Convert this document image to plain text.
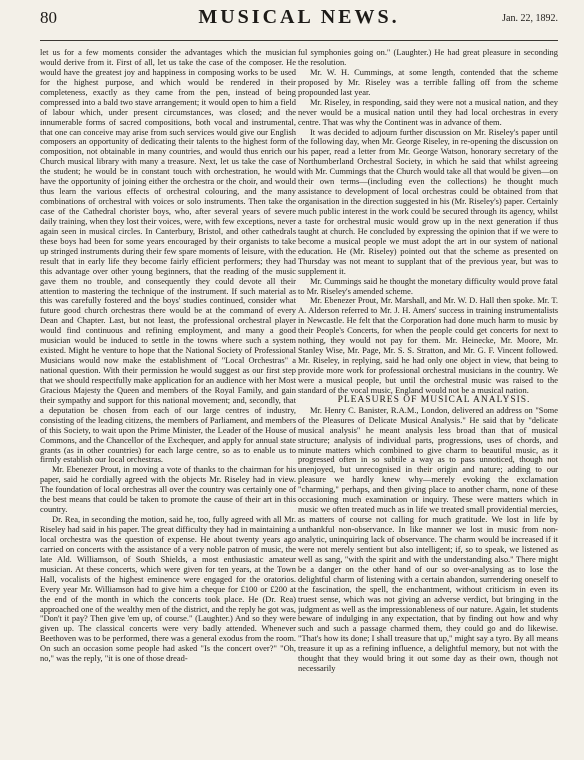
80	MUSICAL NEWS.	Jan. 22, 1892.

let us for a few moments consider the advantages which the musician would derive from it. First of all, let us take the case of the composer. He would have the greatest joy and happiness in composing works to be used for the highest purpose, and which would be rendered in their completeness, exactly as they came from the pen, instead of being compressed into a bald two stave arrangement; it would open to him a field of labour which, under present circumstances, was closed; and the innumerable forms of sacred compositions, both vocal and instrumental, that one can conceive may arise from such services would give our English composers an opportunity of dedicating their talents to the highest form of composition, not obtainable in many countries, and would thus enrich our Church musical library with many a treasure. Next, let us take the case of the student; he would be in constant touch with orchestration, he would have the opportunity of joining either the orchestra or the choir, and would thus learn the various effects of orchestral colouring, and the many combinations of orchestral with voices or solo instruments. Then take the case of the Cathedral chorister boys, who, after several years of severe daily training, when they lost their voices, were, with few exceptions, never again seen in musical circles. In Canterbury, Bristol, and other cathedrals these boys had been for some years encouraged by their organists to take up stringed instruments during their few spare moments of leisure, with the result that in early life they become fairly efficient performers; they had this advantage over other young beginners, that the reading of the music gave them no trouble, and consequently they could devote all their attention to mastering the technique of the instrument. If such material as this was carefully fostered and the boys' studies continued, consider what future good church orchestras there would be at the command of every Dean and Chapter. Last, but not least, the professional orchestral player would find continuous and refining employment, and many a good musician would be induced to settle in the towns where such a system existed. Might he venture to hope that the National Society of Professional Musicians would now make the establishment of "Local Orchestras" a national question. With their permission he would suggest as our first step that we should respectfully make application for an audience with her Most Gracious Majesty the Queen and members of the Royal Family, and gain their sympathy and support for this national movement; and, secondly, that a deputation be chosen from each of our large centres of industry, consisting of the leading citizens, the members of Parliament, and members of this Society, to wait upon the Prime Minister, the Leader of the House of Commons, and the Chancellor of the Exchequer, and apply for annual state grants (as in other countries) for each large centre, so as to enable us to firmly establish our local orchestras.

Mr. Ebenezer Prout, in moving a vote of thanks to the chairman for his paper, said he cordially agreed with the objects Mr. Riseley had in view. The foundation of local orchestras all over the country was certainly one of the best means that could be taken to promote the cause of their art in this country.

Dr. Rea, in seconding the motion, said he, too, fully agreed with all Mr. Riseley had said in his paper. The great difficulty they had in maintaining a local orchestra was the question of expense. He about twenty years ago carried on concerts with the assistance of a very noble patron of music, the late Ald. Williamson, of South Shields, a most enthusiastic amateur musician. At these concerts, which were given for ten years, at the Town Hall, vocalists of the highest eminence were engaged for the oratorios. Every year Mr. Williamson had to give him a cheque for £100 or £200 at the end of the month in which the concerts took place. He (Dr. Rea) approached one of the wealthy men of the district, and the reply he got was, "Don't it pay? Then give 'em up, of course." (Laughter.) And so they were given up. The classical concerts were very badly attended. Whenever Beethoven was to be performed, there was a general exodus from the room. On such an occasion some people had asked "Is the concert over?" "Oh, no," was the reply, "it is one of those dread-

ful symphonies going on." (Laughter.) He had great pleasure in seconding the resolution.

Mr. W. H. Cummings, at some length, contended that the scheme proposed by Mr. Riseley was a terrible falling off from the scheme propounded last year.

Mr. Riseley, in responding, said they were not a musical nation, and they never would be a musical nation until they had local orchestras in every centre. That was why the Continent was in advance of them.

It was decided to adjourn further discussion on Mr. Riseley's paper until the following day, when Mr. George Riseley, in re-opening the discussion on his paper, read a letter from Mr. George Watson, honorary secretary of the Northumberland Orchestral Society, in which he said that whilst agreeing with Mr. Cummings that the Church would take all that would be given—on their own terms—(including even the collections) he thought much assistance to development of local orchestras could be obtained from that organisation in the direction suggested in his (Mr. Riseley's) paper. Certainly much public interest in the work could be secured through its agency, whilst a taste for orchestral music would grow up in the next generation if thus taught at church. He concluded by expressing the opinion that if we were to become a musical people we must adopt the art in our system of national education. He (Mr. Riseley) pointed out that the scheme as presented on Thursday was not meant to supplant that of the previous year, but was to supplement it.

Mr. Cummings said he thought the monetary difficulty would prove fatal to Mr. Riseley's amended scheme.

Mr. Ebenezer Prout, Mr. Marshall, and Mr. W. D. Hall then spoke. Mr. T. A. Alderson referred to Mr. J. H. Amers' success in training instrumentalists in Newcastle. He felt that the Corporation had done much harm to music by their People's Concerts, for when the people could get concerts for next to nothing, they would not pay for them. Mr. Heinecke, Mr. Moore, Mr. Stanley Wise, Mr. Page, Mr. S. S. Stratton, and Mr. G. F. Vincent followed. Mr. Riseley, in replying, said he had only one object in view, that being to provide more work for professional orchestral musicians in the country. We were a musical people, but until the orchestral music was raised to the standard of the vocal music, England would not be a musical nation.

PLEASURES OF MUSICAL ANALYSIS.

Mr. Henry C. Banister, R.A.M., London, delivered an address on "Some of the Pleasures of Delicate Musical Analysis." He said that by "delicate musical analysis" he meant analysis less broad than that of musical structure; analysis of individual parts, progressions, uses of chords, and minute matters which combined to give charm to beautiful music, as it progressed often in so subtile a way as to pass unnoticed, though not unenjoyed, but unrecognised in their origin and nature; adding to our pleasure we hardly knew why—merely evoking the exclamation "charming," perhaps, and then giving place to another charm, none of these occasioning much examination or inquiry. These were matters which in music we often treated much as in life we treated small providential mercies, as matters of course not calling for much gratitude. We lost in life by unthankful non-observance. In like manner we lost in music from non-analytic, uninquiring lack of observance. The charm would be increased if it were not merely sentient but also intelligent; if, so to speak, we listened as well as sang, "with the spirit and with the understanding also." There might be a danger on the other hand of our so over-analysing as to lose the delightful charm of listening with a certain abandon, surrendering oneself to the fascination, the spell, the enchantment, without criticism in even its truest sense, which was not giving an adverse verdict, but bringing in the judgment as well as the impressionableness of our nature. Again, let students beware of indulging in any expectation, that by finding out how and why such and such a passage charmed them, they could go and do likewise. "That's how its done; I shall treasure that up," might say a tyro. By all means treasure it up as a refining influence, a delightful memory, but not with the thought that they would bring it out some day as their own, though not necessarily
